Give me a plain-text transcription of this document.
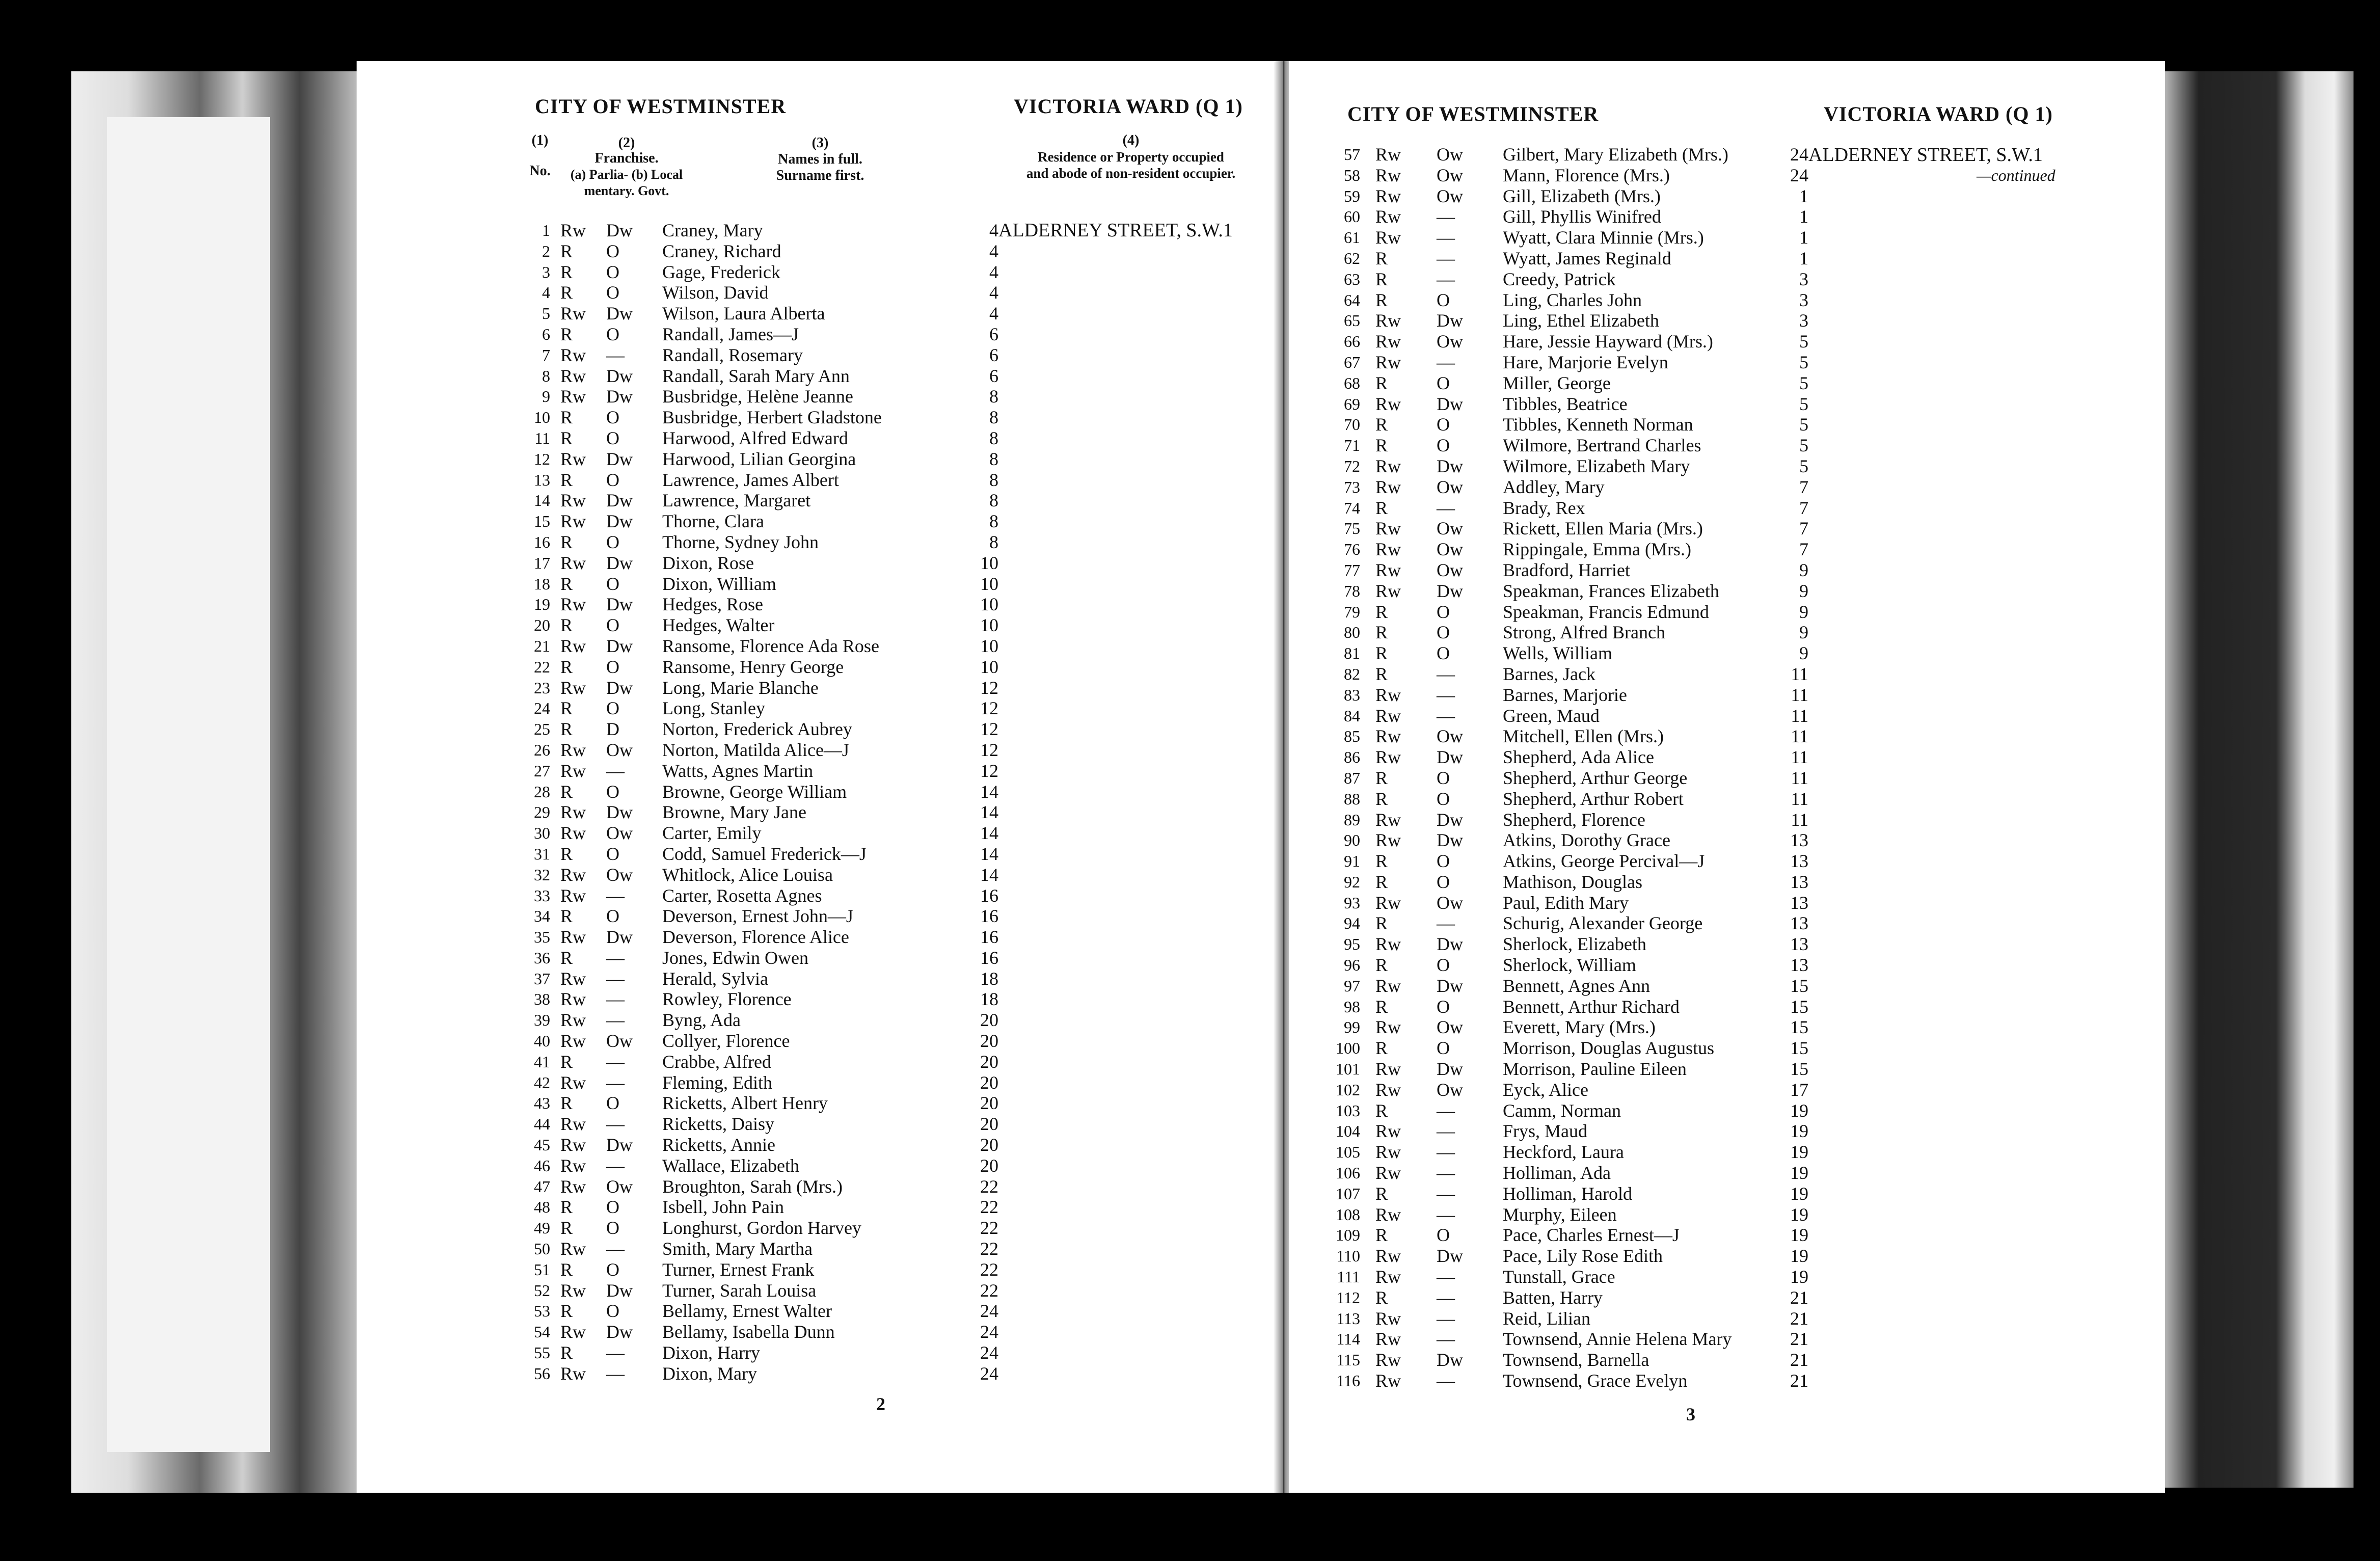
CITY OF WESTMINSTER	VICTORIA WARD (Q 1)
(1)
No.
(2)
Franchise.
(a) Parlia- (b) Local
mentary. Govt.
(3)
Names in full.
Surname first.
(4)
Residence or Property occupied
and abode of non-resident occupier.
ALDERNEY STREET, S.W.1
1 Rw	Dw	Craney, Mary	4
2 R	O	Craney, Richard	4
3 R	O	Gage, Frederick	4
4 R	O	Wilson, David	4
5 Rw	Dw	Wilson, Laura Alberta	4
6 R	O	Randall, James—J	6
7 Rw	—	Randall, Rosemary	6
8 Rw	Dw	Randall, Sarah Mary Ann	6
9 Rw	Dw	Busbridge, Helène Jeanne	8
10 R	O	Busbridge, Herbert Gladstone	8
11 R	O	Harwood, Alfred Edward	8
12 Rw	Dw	Harwood, Lilian Georgina	8
13 R	O	Lawrence, James Albert	8
14 Rw	Dw	Lawrence, Margaret	8
15 Rw	Dw	Thorne, Clara	8
16 R	O	Thorne, Sydney John	8
17 Rw	Dw	Dixon, Rose	10
18 R	O	Dixon, William	10
19 Rw	Dw	Hedges, Rose	10
20 R	O	Hedges, Walter	10
21 Rw	Dw	Ransome, Florence Ada Rose	10
22 R	O	Ransome, Henry George	10
23 Rw	Dw	Long, Marie Blanche	12
24 R	O	Long, Stanley	12
25 R	D	Norton, Frederick Aubrey	12
26 Rw	Ow	Norton, Matilda Alice—J	12
27 Rw	—	Watts, Agnes Martin	12
28 R	O	Browne, George William	14
29 Rw	Dw	Browne, Mary Jane	14
30 Rw	Ow	Carter, Emily	14
31 R	O	Codd, Samuel Frederick—J	14
32 Rw	Ow	Whitlock, Alice Louisa	14
33 Rw	—	Carter, Rosetta Agnes	16
34 R	O	Deverson, Ernest John—J	16
35 Rw	Dw	Deverson, Florence Alice	16
36 R	—	Jones, Edwin Owen	16
37 Rw	—	Herald, Sylvia	18
38 Rw	—	Rowley, Florence	18
39 Rw	—	Byng, Ada	20
40 Rw	Ow	Collyer, Florence	20
41 R	—	Crabbe, Alfred	20
42 Rw	—	Fleming, Edith	20
43 R	O	Ricketts, Albert Henry	20
44 Rw	—	Ricketts, Daisy	20
45 Rw	Dw	Ricketts, Annie	20
46 Rw	—	Wallace, Elizabeth	20
47 Rw	Ow	Broughton, Sarah (Mrs.)	22
48 R	O	Isbell, John Pain	22
49 R	O	Longhurst, Gordon Harvey	22
50 Rw	—	Smith, Mary Martha	22
51 R	O	Turner, Ernest Frank	22
52 Rw	Dw	Turner, Sarah Louisa	22
53 R	O	Bellamy, Ernest Walter	24
54 Rw	Dw	Bellamy, Isabella Dunn	24
55 R	—	Dixon, Harry	24
56 Rw	—	Dixon, Mary	24
2
CITY OF WESTMINSTER	VICTORIA WARD (Q 1)
ALDERNEY STREET, S.W.1
—continued
57 Rw	Ow	Gilbert, Mary Elizabeth (Mrs.)	24
58 Rw	Ow	Mann, Florence (Mrs.)	24
59 Rw	Ow	Gill, Elizabeth (Mrs.)	1
60 Rw	—	Gill, Phyllis Winifred	1
61 Rw	—	Wyatt, Clara Minnie (Mrs.)	1
62 R	—	Wyatt, James Reginald	1
63 R	—	Creedy, Patrick	3
64 R	O	Ling, Charles John	3
65 Rw	Dw	Ling, Ethel Elizabeth	3
66 Rw	Ow	Hare, Jessie Hayward (Mrs.)	5
67 Rw	—	Hare, Marjorie Evelyn	5
68 R	O	Miller, George	5
69 Rw	Dw	Tibbles, Beatrice	5
70 R	O	Tibbles, Kenneth Norman	5
71 R	O	Wilmore, Bertrand Charles	5
72 Rw	Dw	Wilmore, Elizabeth Mary	5
73 Rw	Ow	Addley, Mary	7
74 R	—	Brady, Rex	7
75 Rw	Ow	Rickett, Ellen Maria (Mrs.)	7
76 Rw	Ow	Rippingale, Emma (Mrs.)	7
77 Rw	Ow	Bradford, Harriet	9
78 Rw	Dw	Speakman, Frances Elizabeth	9
79 R	O	Speakman, Francis Edmund	9
80 R	O	Strong, Alfred Branch	9
81 R	O	Wells, William	9
82 R	—	Barnes, Jack	11
83 Rw	—	Barnes, Marjorie	11
84 Rw	—	Green, Maud	11
85 Rw	Ow	Mitchell, Ellen (Mrs.)	11
86 Rw	Dw	Shepherd, Ada Alice	11
87 R	O	Shepherd, Arthur George	11
88 R	O	Shepherd, Arthur Robert	11
89 Rw	Dw	Shepherd, Florence	11
90 Rw	Dw	Atkins, Dorothy Grace	13
91 R	O	Atkins, George Percival—J	13
92 R	O	Mathison, Douglas	13
93 Rw	Ow	Paul, Edith Mary	13
94 R	—	Schurig, Alexander George	13
95 Rw	Dw	Sherlock, Elizabeth	13
96 R	O	Sherlock, William	13
97 Rw	Dw	Bennett, Agnes Ann	15
98 R	O	Bennett, Arthur Richard	15
99 Rw	Ow	Everett, Mary (Mrs.)	15
100 R	O	Morrison, Douglas Augustus	15
101 Rw	Dw	Morrison, Pauline Eileen	15
102 Rw	Ow	Eyck, Alice	17
103 R	—	Camm, Norman	19
104 Rw	—	Frys, Maud	19
105 Rw	—	Heckford, Laura	19
106 Rw	—	Holliman, Ada	19
107 R	—	Holliman, Harold	19
108 Rw	—	Murphy, Eileen	19
109 R	O	Pace, Charles Ernest—J	19
110 Rw	Dw	Pace, Lily Rose Edith	19
111 Rw	—	Tunstall, Grace	19
112 R	—	Batten, Harry	21
113 Rw	—	Reid, Lilian	21
114 Rw	—	Townsend, Annie Helena Mary	21
115 Rw	Dw	Townsend, Barnella	21
116 Rw	—	Townsend, Grace Evelyn	21
3
